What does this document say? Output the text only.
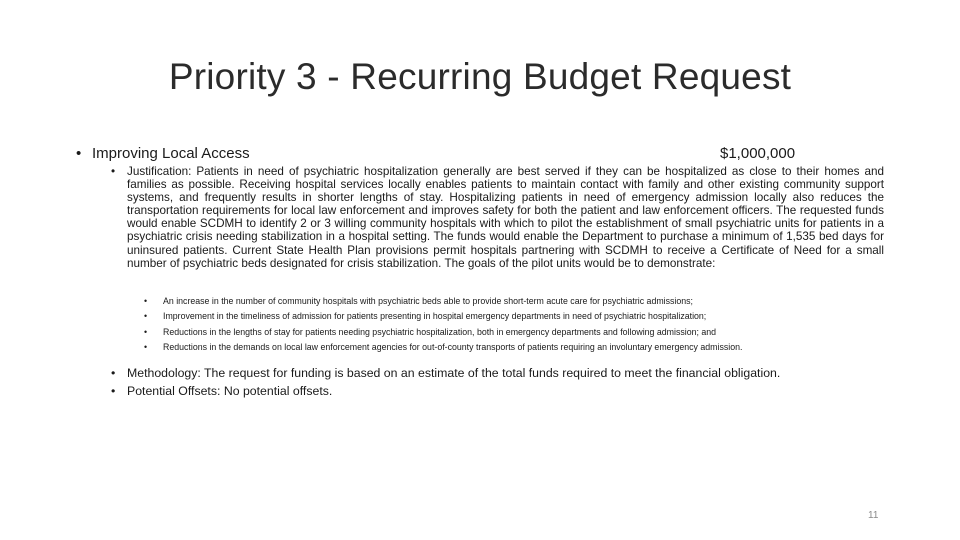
Priority 3 - Recurring Budget Request
• Improving Local Access	$1,000,000
• Justification: Patients in need of psychiatric hospitalization generally are best served if they can be hospitalized as close to their homes and families as possible. Receiving hospital services locally enables patients to maintain contact with family and other existing community support systems, and frequently results in shorter lengths of stay. Hospitalizing patients in need of emergency admission locally also reduces the transportation requirements for local law enforcement and improves safety for both the patient and law enforcement officers. The requested funds would enable SCDMH to identify 2 or 3 willing community hospitals with which to pilot the establishment of small psychiatric units for patients in a psychiatric crisis needing stabilization in a hospital setting. The funds would enable the Department to purchase a minimum of 1,535 bed days for uninsured patients. Current State Health Plan provisions permit hospitals partnering with SCDMH to receive a Certificate of Need for a small number of psychiatric beds designated for crisis stabilization. The goals of the pilot units would be to demonstrate:
• An increase in the number of community hospitals with psychiatric beds able to provide short-term acute care for psychiatric admissions;
• Improvement in the timeliness of admission for patients presenting in hospital emergency departments in need of psychiatric hospitalization;
• Reductions in the lengths of stay for patients needing psychiatric hospitalization, both in emergency departments and following admission; and
• Reductions in the demands on local law enforcement agencies for out-of-county transports of patients requiring an involuntary emergency admission.
• Methodology: The request for funding is based on an estimate of the total funds required to meet the financial obligation.
• Potential Offsets: No potential offsets.
11
